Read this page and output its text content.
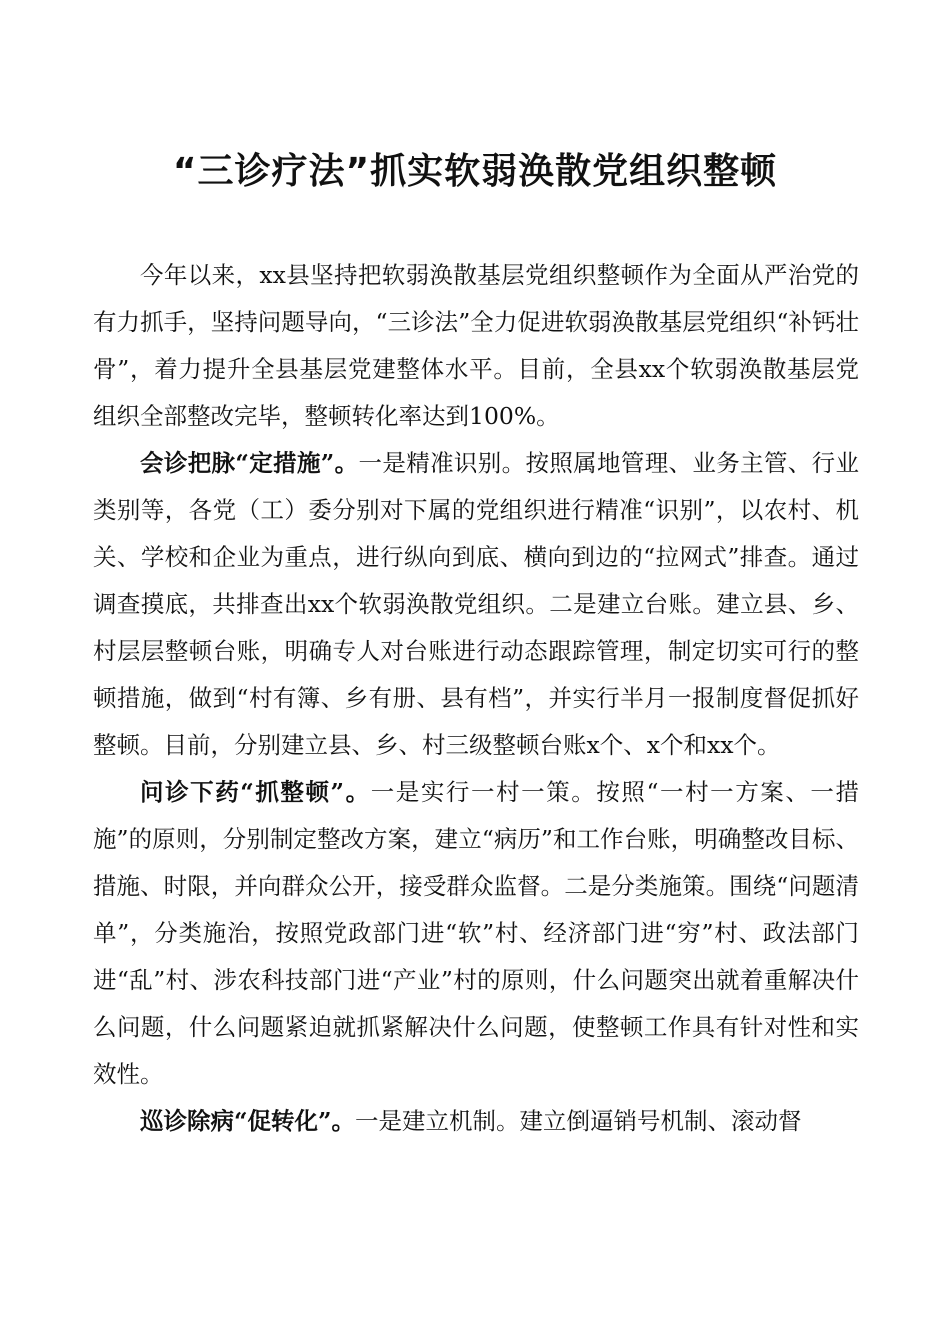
“三诊疗法”抓实软弱涣散党组织整顿

今年以来，xx县坚持把软弱涣散基层党组织整顿作为全面从严治党的有力抓手，坚持问题导向，“三诊法”全力促进软弱涣散基层党组织“补钙壮骨”，着力提升全县基层党建整体水平。目前，全县xx个软弱涣散基层党组织全部整改完毕，整顿转化率达到100%。

会诊把脉“定措施”。一是精准识别。按照属地管理、业务主管、行业类别等，各党（工）委分别对下属的党组织进行精准“识别”，以农村、机关、学校和企业为重点，进行纵向到底、横向到边的“拉网式”排查。通过调查摸底，共排查出xx个软弱涣散党组织。二是建立台账。建立县、乡、村层层整顿台账，明确专人对台账进行动态跟踪管理，制定切实可行的整顿措施，做到“村有簿、乡有册、县有档”，并实行半月一报制度督促抓好整顿。目前，分别建立县、乡、村三级整顿台账x个、x个和xx个。

问诊下药“抓整顿”。一是实行一村一策。按照“一村一方案、一措施”的原则，分别制定整改方案，建立“病历”和工作台账，明确整改目标、措施、时限，并向群众公开，接受群众监督。二是分类施策。围绕“问题清单”，分类施治，按照党政部门进“软”村、经济部门进“穷”村、政法部门进“乱”村、涉农科技部门进“产业”村的原则，什么问题突出就着重解决什么问题，什么问题紧迫就抓紧解决什么问题，使整顿工作具有针对性和实效性。

巡诊除病“促转化”。一是建立机制。建立倒逼销号机制、滚动督
